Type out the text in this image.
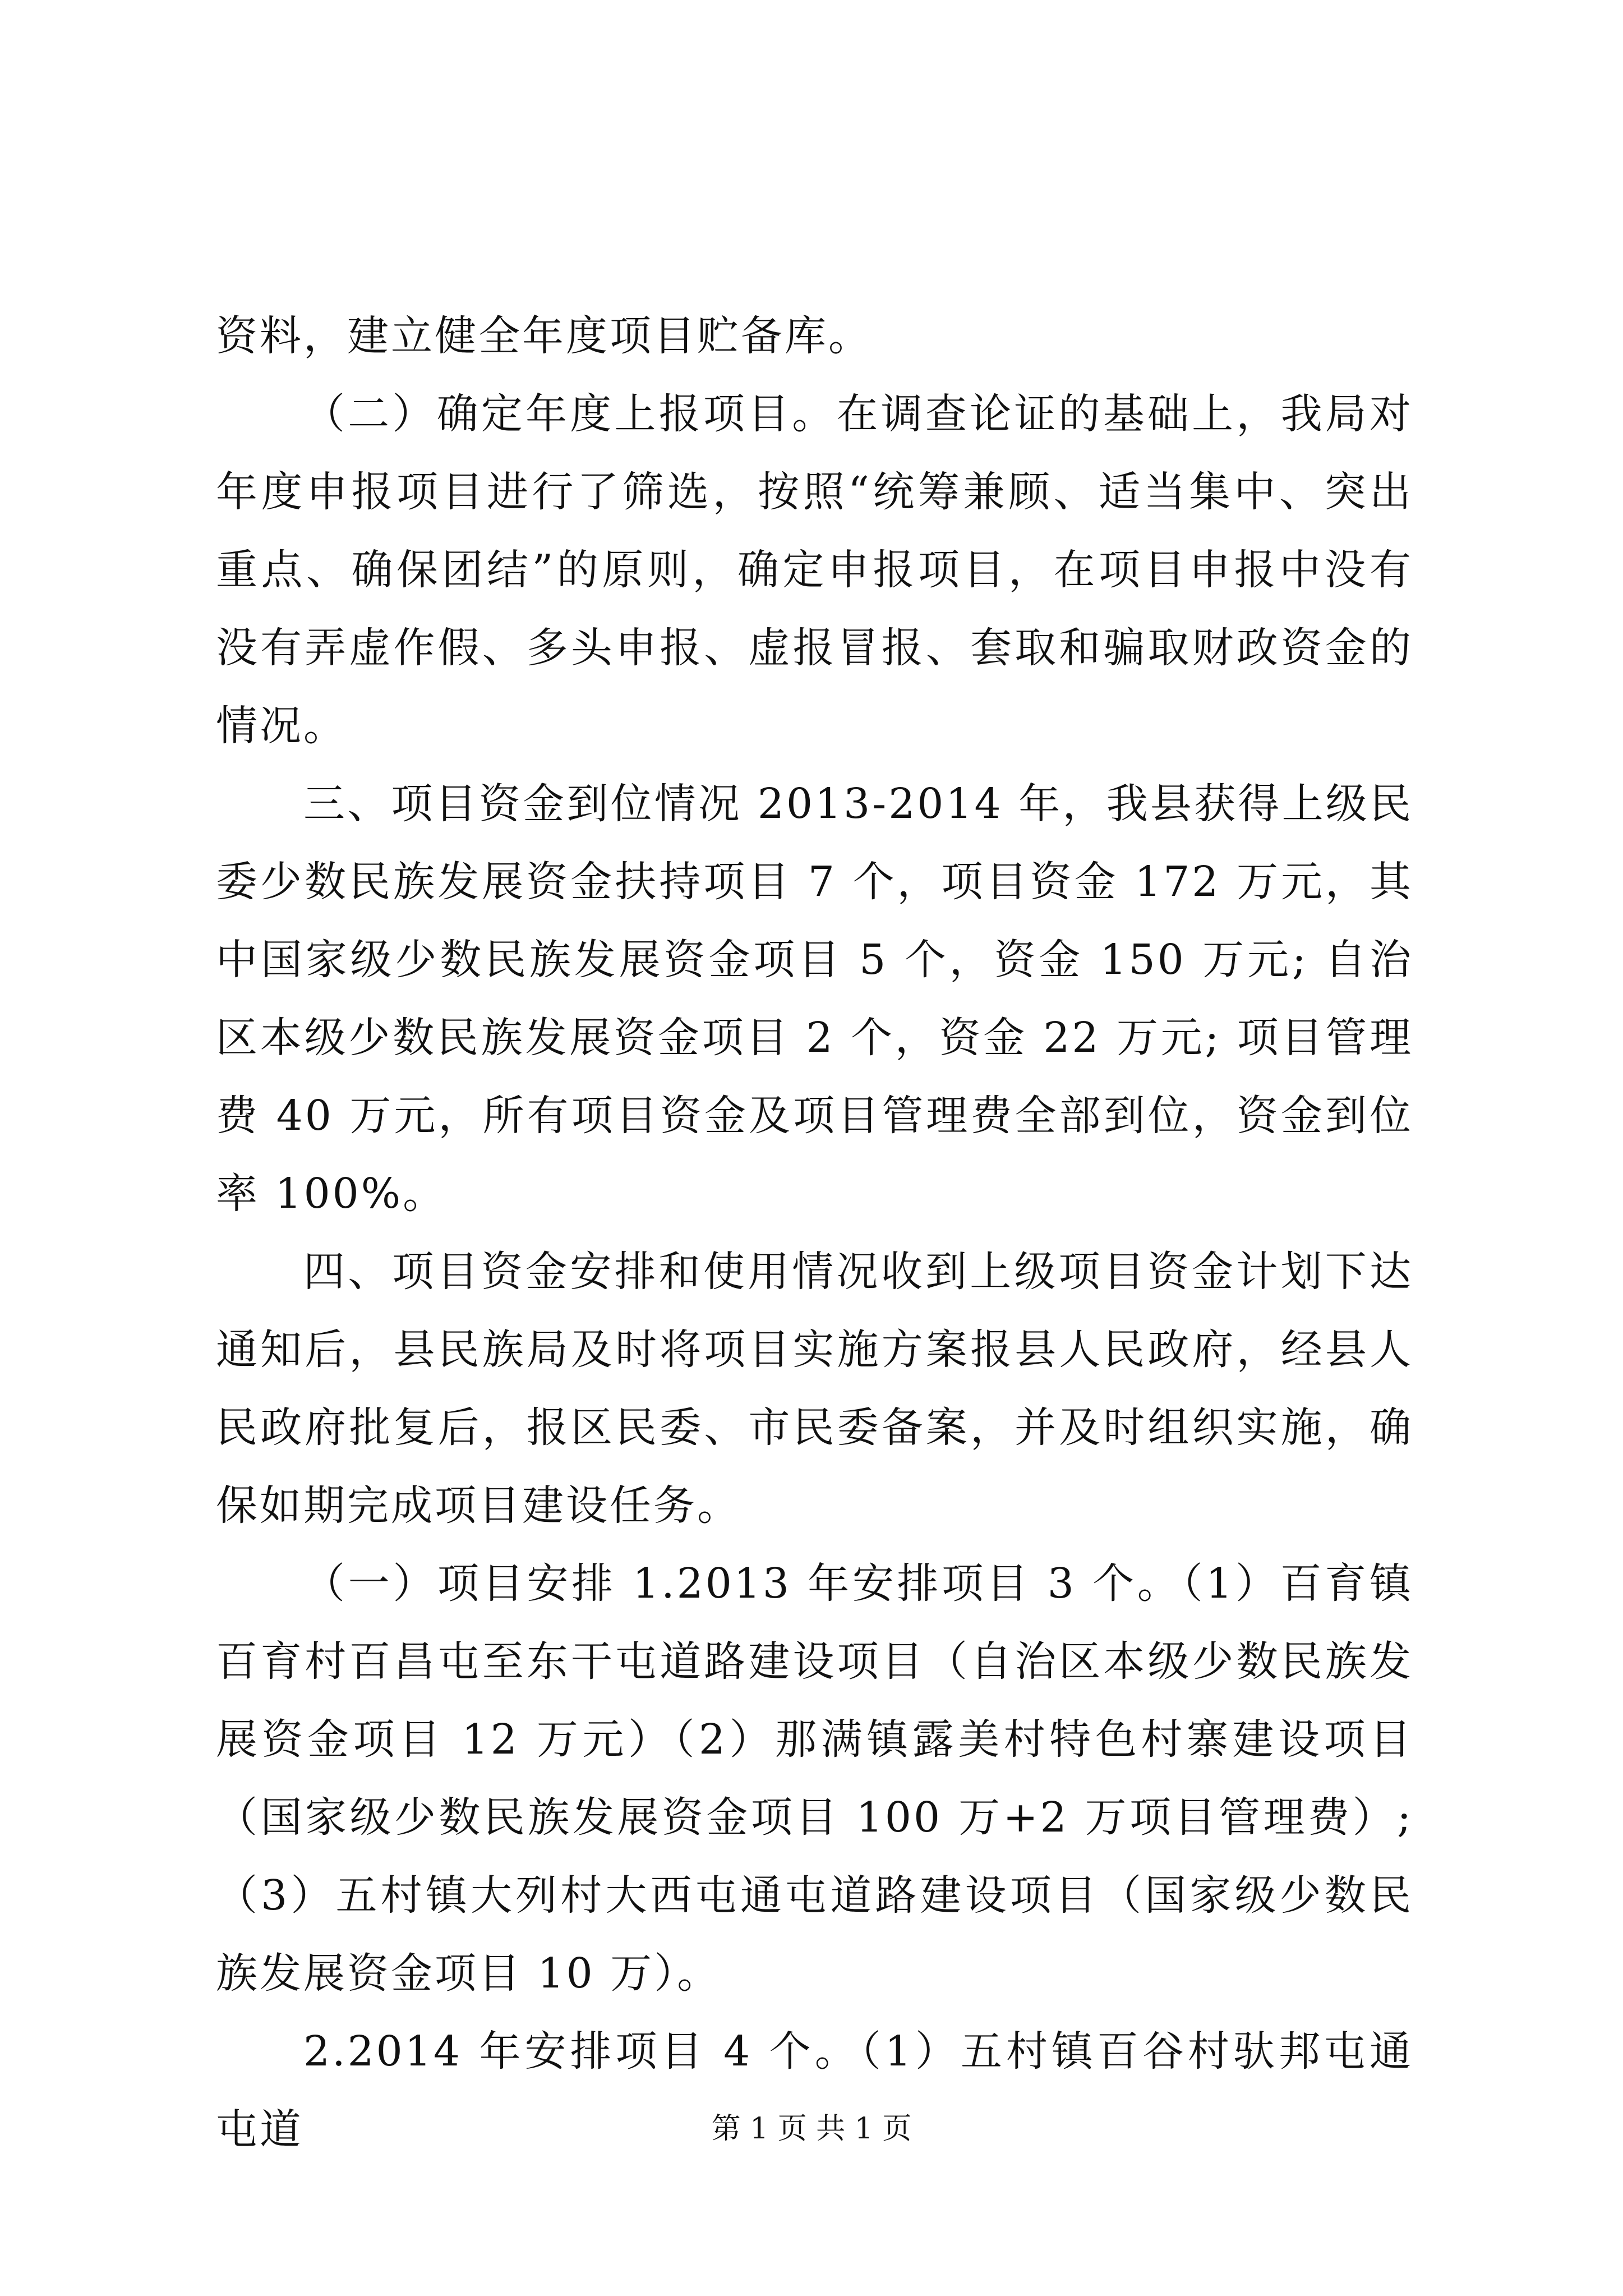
资料，建立健全年度项目贮备库。

（二）确定年度上报项目。在调查论证的基础上，我局对年度申报项目进行了筛选，按照“统筹兼顾、适当集中、突出重点、确保团结”的原则，确定申报项目，在项目申报中没有没有弄虚作假、多头申报、虚报冒报、套取和骗取财政资金的情况。

三、项目资金到位情况 2013-2014 年，我县获得上级民委少数民族发展资金扶持项目 7 个，项目资金 172 万元，其中国家级少数民族发展资金项目 5 个，资金 150 万元; 自治区本级少数民族发展资金项目 2 个，资金 22 万元; 项目管理费 40 万元，所有项目资金及项目管理费全部到位，资金到位率 100%。

四、项目资金安排和使用情况收到上级项目资金计划下达通知后，县民族局及时将项目实施方案报县人民政府，经县人民政府批复后，报区民委、市民委备案，并及时组织实施，确保如期完成项目建设任务。

（一）项目安排 1.2013 年安排项目 3 个。（1）百育镇百育村百昌屯至东干屯道路建设项目（自治区本级少数民族发展资金项目 12 万元）（2）那满镇露美村特色村寨建设项目（国家级少数民族发展资金项目 100 万+2 万项目管理费）;（3）五村镇大列村大西屯通屯道路建设项目（国家级少数民族发展资金项目 10 万）。

2.2014 年安排项目 4 个。（1）五村镇百谷村驮邦屯通屯道	第 1 页 共 1 页
